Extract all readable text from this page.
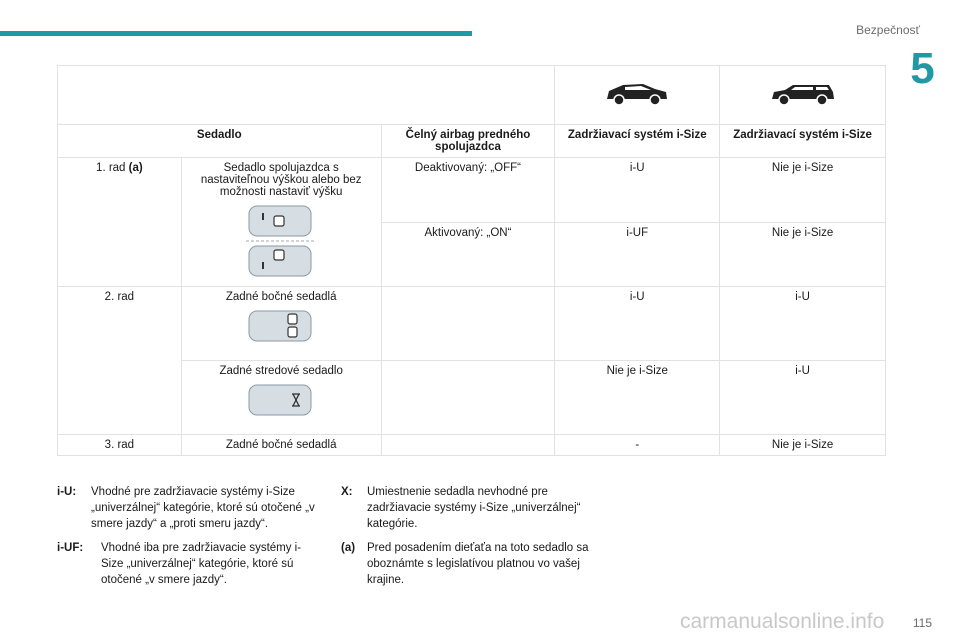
Bezpečnosť
5

Sedadlo		Čelný airbag predného spolujazdca	Zadržiavací systém i-Size	Zadržiavací systém i-Size
1. rad (a)	Sedadlo spolujazdca s nastaviteľnou výškou alebo bez možnosti nastaviť výšku	Deaktivovaný: „OFF“	i-U	Nie je i-Size
		Aktivovaný: „ON“	i-UF	Nie je i-Size
2. rad	Zadné bočné sedadlá		i-U	i-U

	Zadné stredové sedadlo		Nie je i-Size	i-U
3. rad	Zadné bočné sedadlá		-	Nie je i-Size
i-U: Vhodné pre zadržiavacie systémy i-Size „univerzálnej“ kategórie, ktoré sú otočené „v smere jazdy“ a „proti smeru jazdy“.
i-UF: Vhodné iba pre zadržiavacie systémy i-Size „univerzálnej“ kategórie, ktoré sú otočené „v smere jazdy“.
X: Umiestnenie sedadla nevhodné pre zadržiavacie systémy i-Size „univerzálnej“ kategórie.
(a) Pred posadením dieťaťa na toto sedadlo sa oboznámte s legislatívou platnou vo vašej krajine.
carmanualsonline.info 115
